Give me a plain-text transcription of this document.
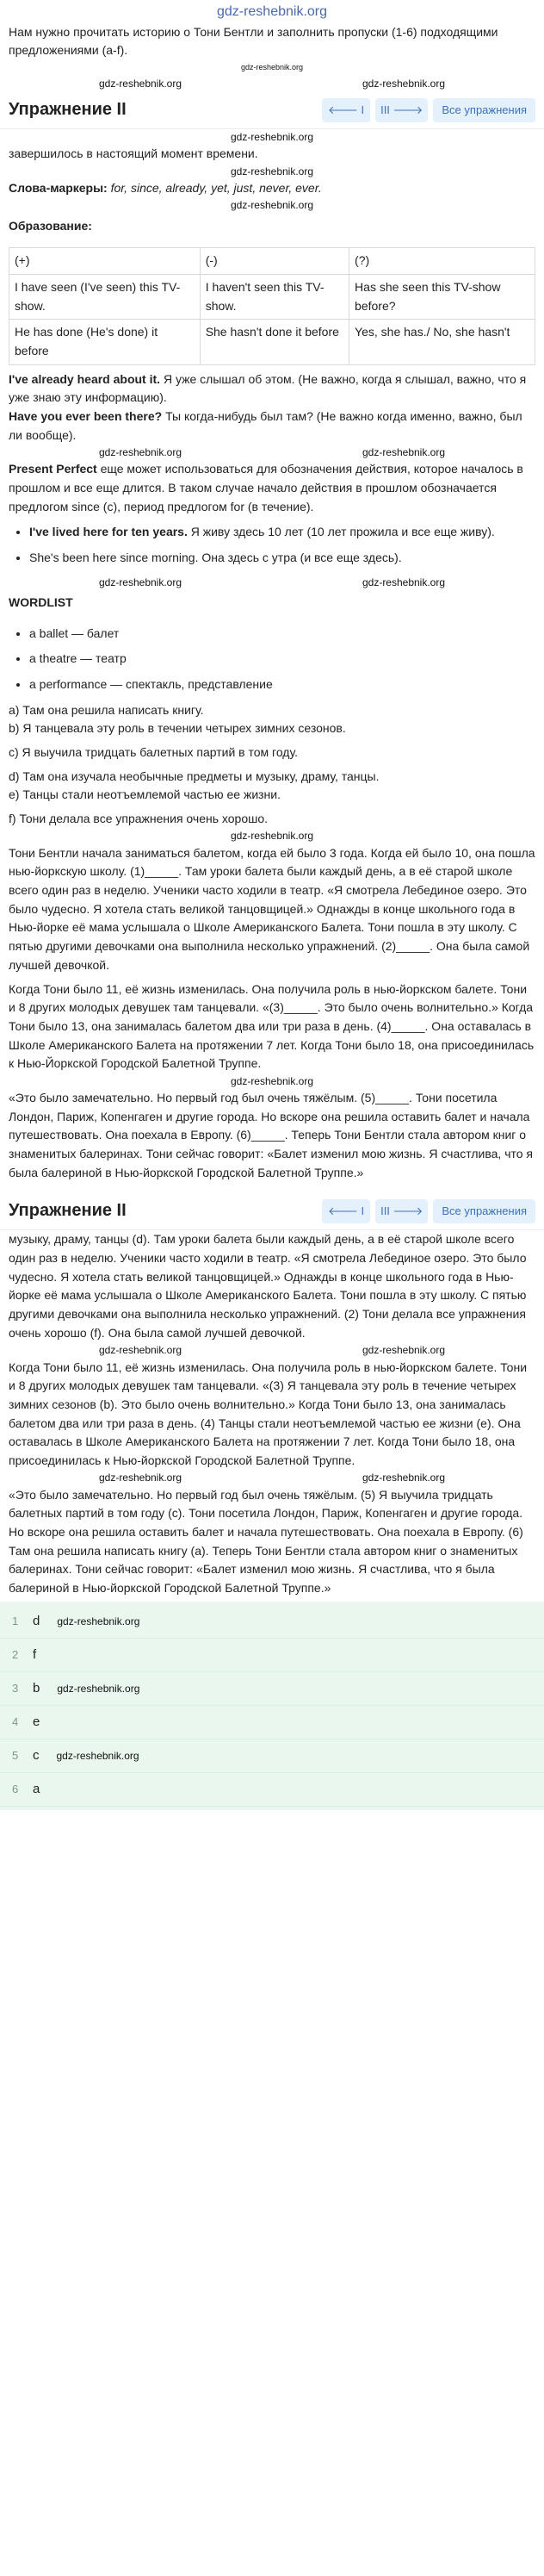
gdz-reshebnik.org

Нам нужно прочитать историю о Тони Бентли и заполнить пропуски (1-6) подходящими предложениями (a-f).

gdz-reshebnik.org
gdz-reshebnik.org	gdz-reshebnik.org
Упражнение II	🡐 I	III 🡒	Все упражнения
gdz-reshebnik.org

завершилось в настоящий момент времени.

gdz-reshebnik.org

Слова-маркеры: for, since, already, yet, just, never, ever.

gdz-reshebnik.org

Образование:

(+)	(-)	(?)
I have seen (I've seen) this TV-show.	I haven't seen this TV-show.	Has she seen this TV-show before?
He has done (He's done) it before	She hasn't done it before	Yes, she has./ No, she hasn't

I've already heard about it. Я уже слышал об этом. (Не важно, когда я слышал, важно, что я уже знаю эту информацию).

Have you ever been there? Ты когда-нибудь был там? (Не важно когда именно, важно, был ли вообще).

gdz-reshebnik.org	gdz-reshebnik.org

Present Perfect еще может использоваться для обозначения действия, которое началось в прошлом и все еще длится. В таком случае начало действия в прошлом обозначается предлогом since (с), период предлогом for (в течение).

• I've lived here for ten years. Я живу здесь 10 лет (10 лет прожила и все еще живу).
• She's been here since morning. Она здесь с утра (и все еще здесь).
gdz-reshebnik.org	gdz-reshebnik.org

WORDLIST

• a ballet — балет
• a theatre — театр
• a performance — спектакль, представление

a) Там она решила написать книгу.

b) Я танцевала эту роль в течении четырех зимних сезонов.

c) Я выучила тридцать балетных партий в том году.

d) Там она изучала необычные предметы и музыку, драму, танцы.

e) Танцы стали неотъемлемой частью ее жизни.

f) Тони делала все упражнения очень хорошо.

gdz-reshebnik.org

Тони Бентли начала заниматься балетом, когда ей было 3 года. Когда ей было 10, она пошла нью-йоркскую школу. (1)_____. Там уроки балета были каждый день, а в её старой школе всего один раз в неделю. Ученики часто ходили в театр. «Я смотрела Лебединое озеро. Это было чудесно. Я хотела стать великой танцовщицей.» Однажды в конце школьного года в Нью-йорке её мама услышала о Школе Американского Балета. Тони пошла в эту школу. С пятью другими девочками она выполнила несколько упражнений. (2)_____. Она была самой лучшей девочкой.

Когда Тони было 11, её жизнь изменилась. Она получила роль в нью-йоркском балете. Тони и 8 других молодых девушек там танцевали. «(3)_____. Это было очень волнительно.» Когда Тони было 13, она занималась балетом два или три раза в день. (4)_____. Она оставалась в Школе Американского Балета на протяжении 7 лет. Когда Тони было 18, она присоединилась к Нью-Йоркской Городской Балетной Труппе.

gdz-reshebnik.org

«Это было замечательно. Но первый год был очень тяжёлым. (5)_____. Тони посетила Лондон, Париж, Копенгаген и другие города. Но вскоре она решила оставить балет и начала путешествовать. Она поехала в Европу. (6)_____. Теперь Тони Бентли стала автором книг о знаменитых балеринах. Тони сейчас говорит: «Балет изменил мою жизнь. Я счастлива, что я была балериной в Нью-йоркской Городской Балетной Труппе.»

Упражнение II	🡐 I	III 🡒	Все упражнения

музыку, драму, танцы (d). Там уроки балета были каждый день, а в её старой школе всего один раз в неделю. Ученики часто ходили в театр. «Я смотрела Лебединое озеро. Это было чудесно. Я хотела стать великой танцовщицей.» Однажды в конце школьного года в Нью-йорке её мама услышала о Школе Американского Балета. Тони пошла в эту школу. С пятью другими девочками она выполнила несколько упражнений. (2) Тони делала все упражнения очень хорошо (f). Она была самой лучшей девочкой.

gdz-reshebnik.org	gdz-reshebnik.org

Когда Тони было 11, её жизнь изменилась. Она получила роль в нью-йоркском балете. Тони и 8 других молодых девушек там танцевали. «(3) Я танцевала эту роль в течение четырех зимних сезонов (b). Это было очень волнительно.» Когда Тони было 13, она занималась балетом два или три раза в день. (4) Танцы стали неотъемлемой частью ее жизни (e). Она оставалась в Школе Американского Балета на протяжении 7 лет. Когда Тони было 18, она присоединилась к Нью-йоркской Городской Балетной Труппе.

gdz-reshebnik.org	gdz-reshebnik.org

«Это было замечательно. Но первый год был очень тяжёлым. (5) Я выучила тридцать балетных партий в том году (c). Тони посетила Лондон, Париж, Копенгаген и другие города. Но вскоре она решила оставить балет и начала путешествовать. Она поехала в Европу. (6) Там она решила написать книгу (a). Теперь Тони Бентли стала автором книг о знаменитых балеринах. Тони сейчас говорит: «Балет изменил мою жизнь. Я счастлива, что я была балериной в Нью-йоркской Городской Балетной Труппе.»

1	d gdz-reshebnik.org
2	f
3	b gdz-reshebnik.org
4	e
5	c gdz-reshebnik.org
6	a
